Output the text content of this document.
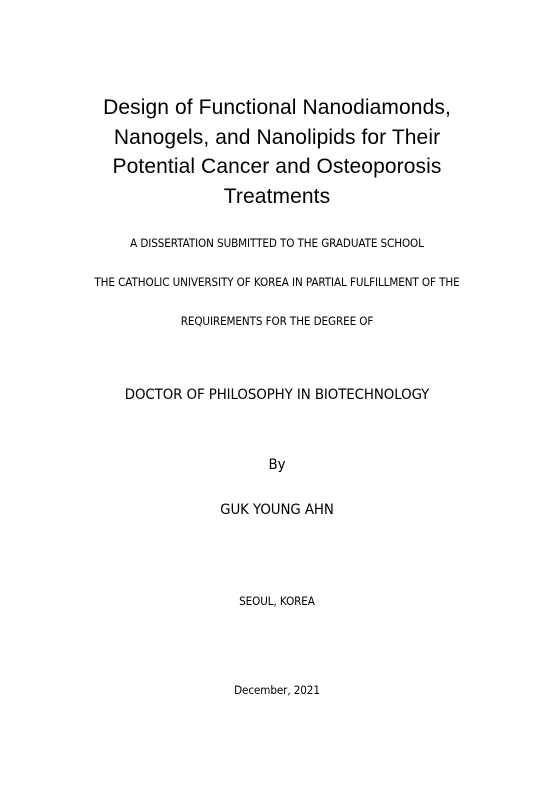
Design of Functional Nanodiamonds,
Nanogels, and Nanolipids for Their
Potential Cancer and Osteoporosis
Treatments
A DISSERTATION SUBMITTED TO THE GRADUATE SCHOOL
THE CATHOLIC UNIVERSITY OF KOREA IN PARTIAL FULFILLMENT OF THE
REQUIREMENTS FOR THE DEGREE OF
DOCTOR OF PHILOSOPHY IN BIOTECHNOLOGY
By
GUK YOUNG AHN
SEOUL, KOREA
December, 2021
